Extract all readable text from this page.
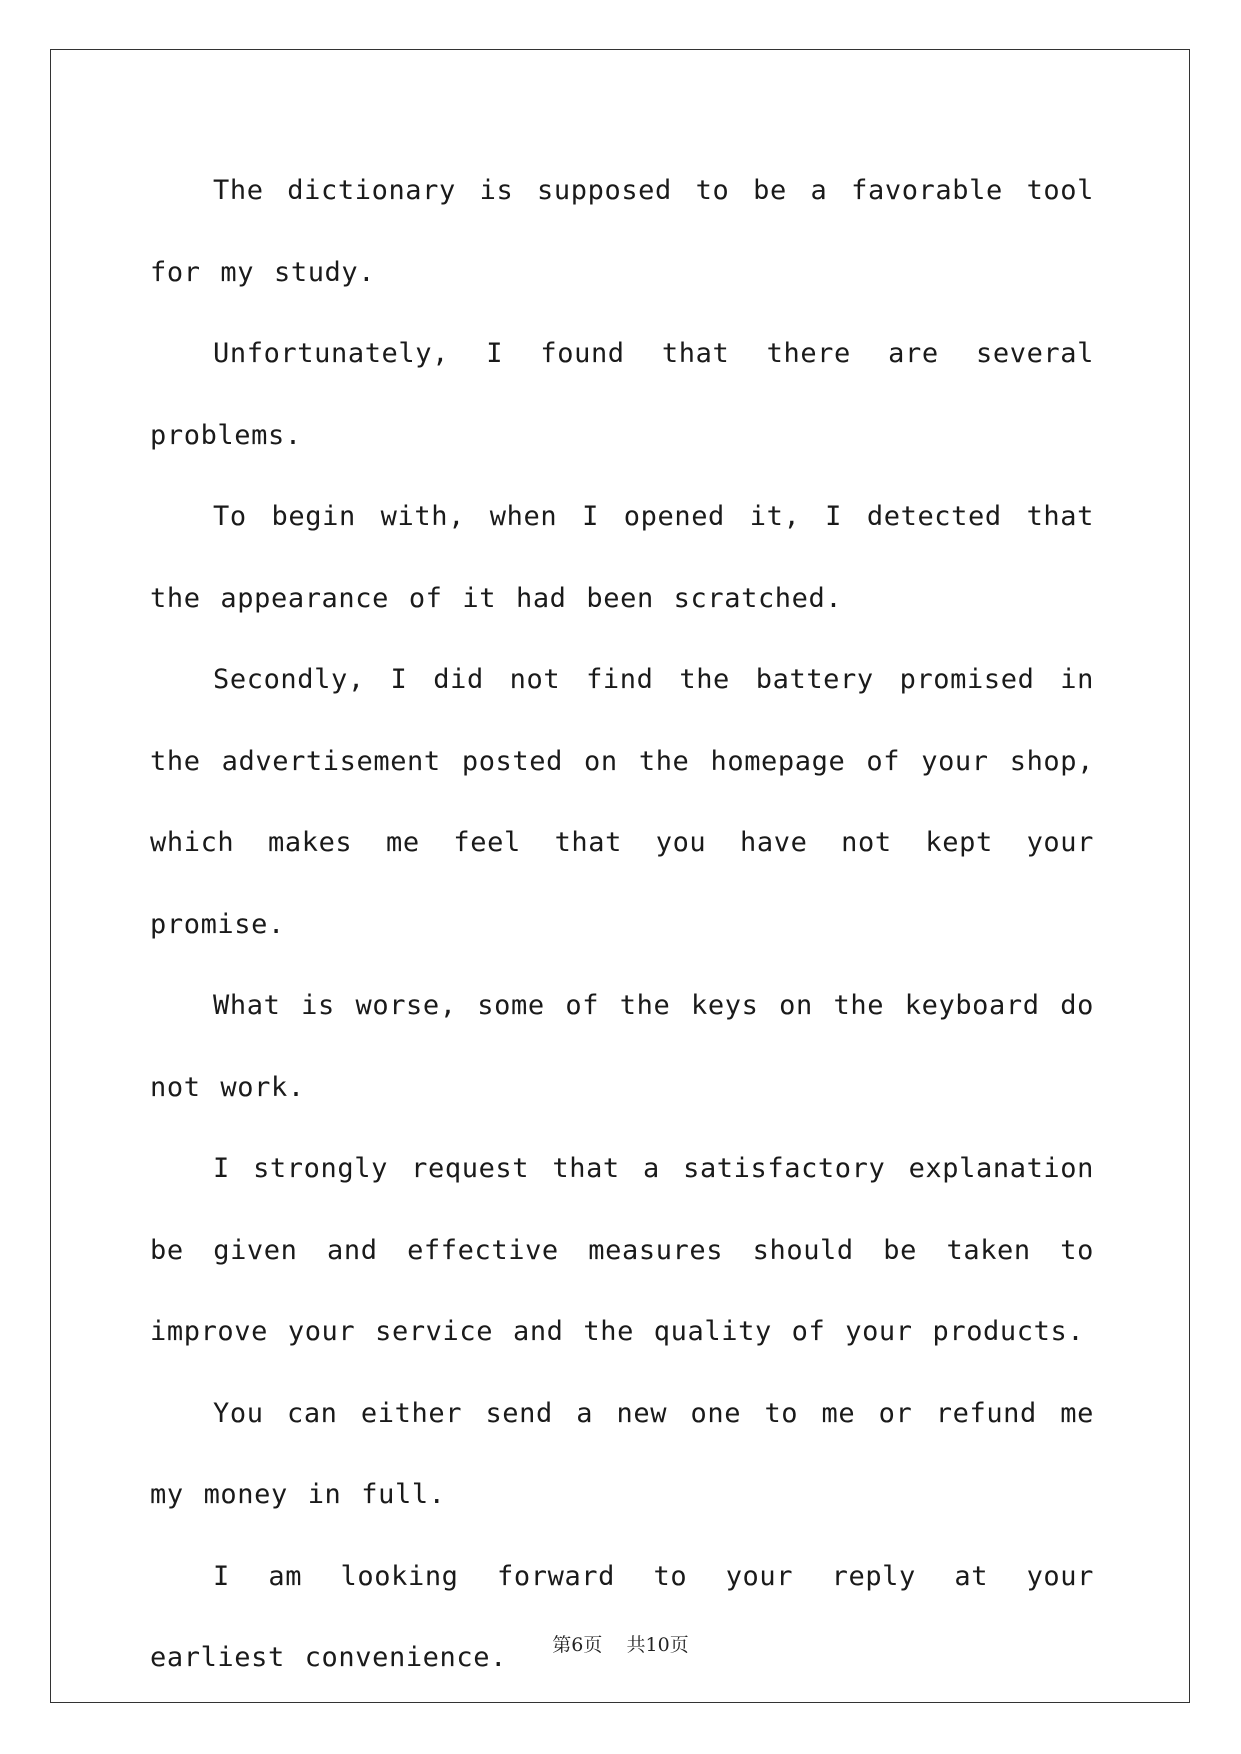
The dictionary is supposed to be a favorable tool for my study.

Unfortunately, I found that there are several problems.

To begin with, when I opened it, I detected that the appearance of it had been scratched.

Secondly, I did not find the battery promised in the advertisement posted on the homepage of your shop, which makes me feel that you have not kept your promise.

What is worse, some of the keys on the keyboard do not work.

I strongly request that a satisfactory explanation be given and effective measures should be taken to improve your service and the quality of your products.

You can either send a new one to me or refund me my money in full.

I am looking forward to your reply at your earliest convenience.	第6页 共10页
